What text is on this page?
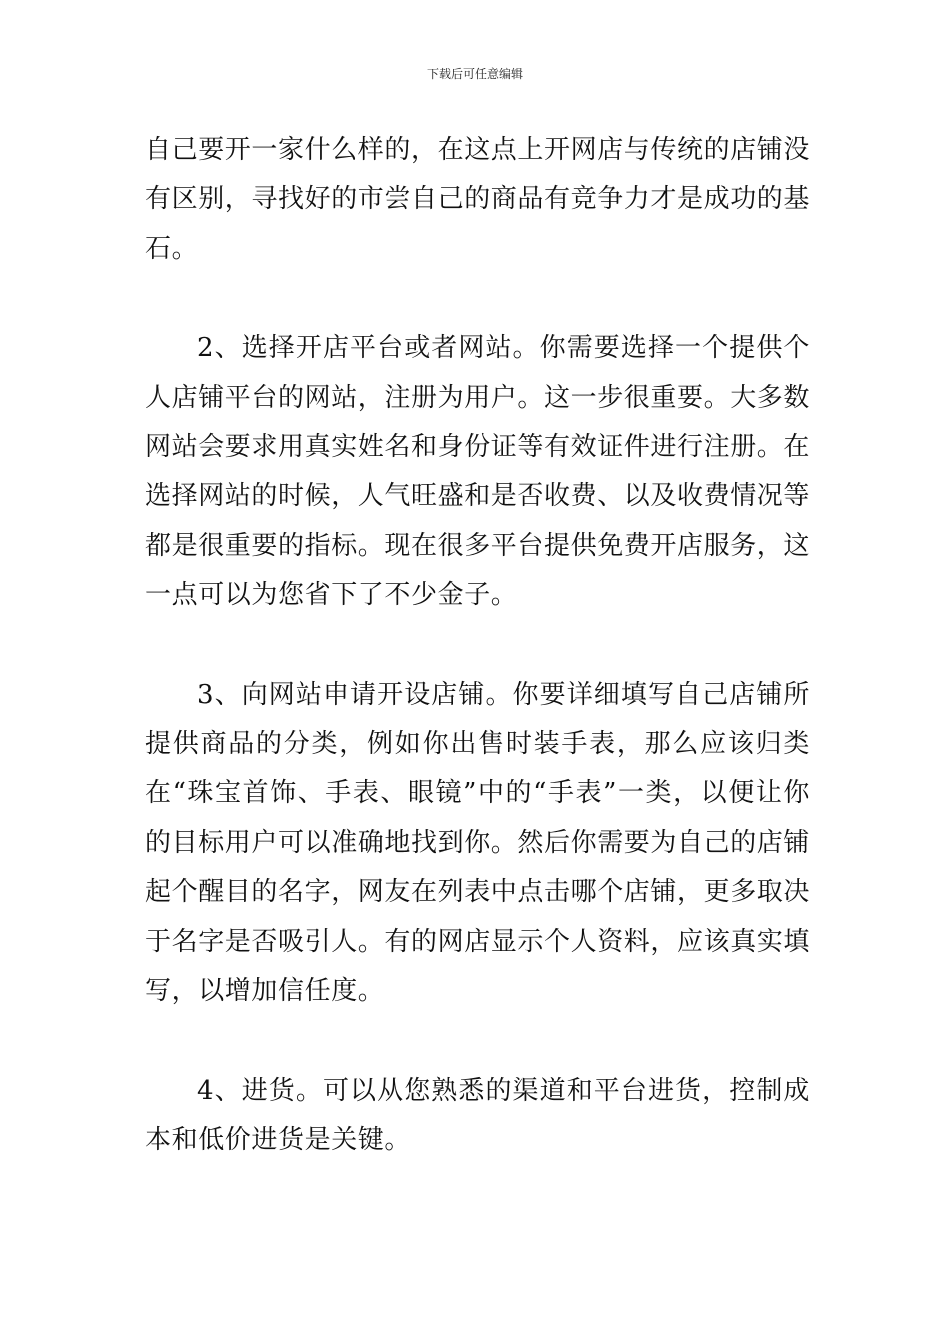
下载后可任意编辑

自己要开一家什么样的，在这点上开网店与传统的店铺没有区别，寻找好的市尝自己的商品有竞争力才是成功的基石。

2、选择开店平台或者网站。你需要选择一个提供个人店铺平台的网站，注册为用户。这一步很重要。大多数网站会要求用真实姓名和身份证等有效证件进行注册。在选择网站的时候，人气旺盛和是否收费、以及收费情况等都是很重要的指标。现在很多平台提供免费开店服务，这一点可以为您省下了不少金子。

3、向网站申请开设店铺。你要详细填写自己店铺所提供商品的分类，例如你出售时装手表，那么应该归类在“珠宝首饰、手表、眼镜”中的“手表”一类，以便让你的目标用户可以准确地找到你。然后你需要为自己的店铺起个醒目的名字，网友在列表中点击哪个店铺，更多取决于名字是否吸引人。有的网店显示个人资料，应该真实填写，以增加信任度。

4、进货。可以从您熟悉的渠道和平台进货，控制成本和低价进货是关键。
